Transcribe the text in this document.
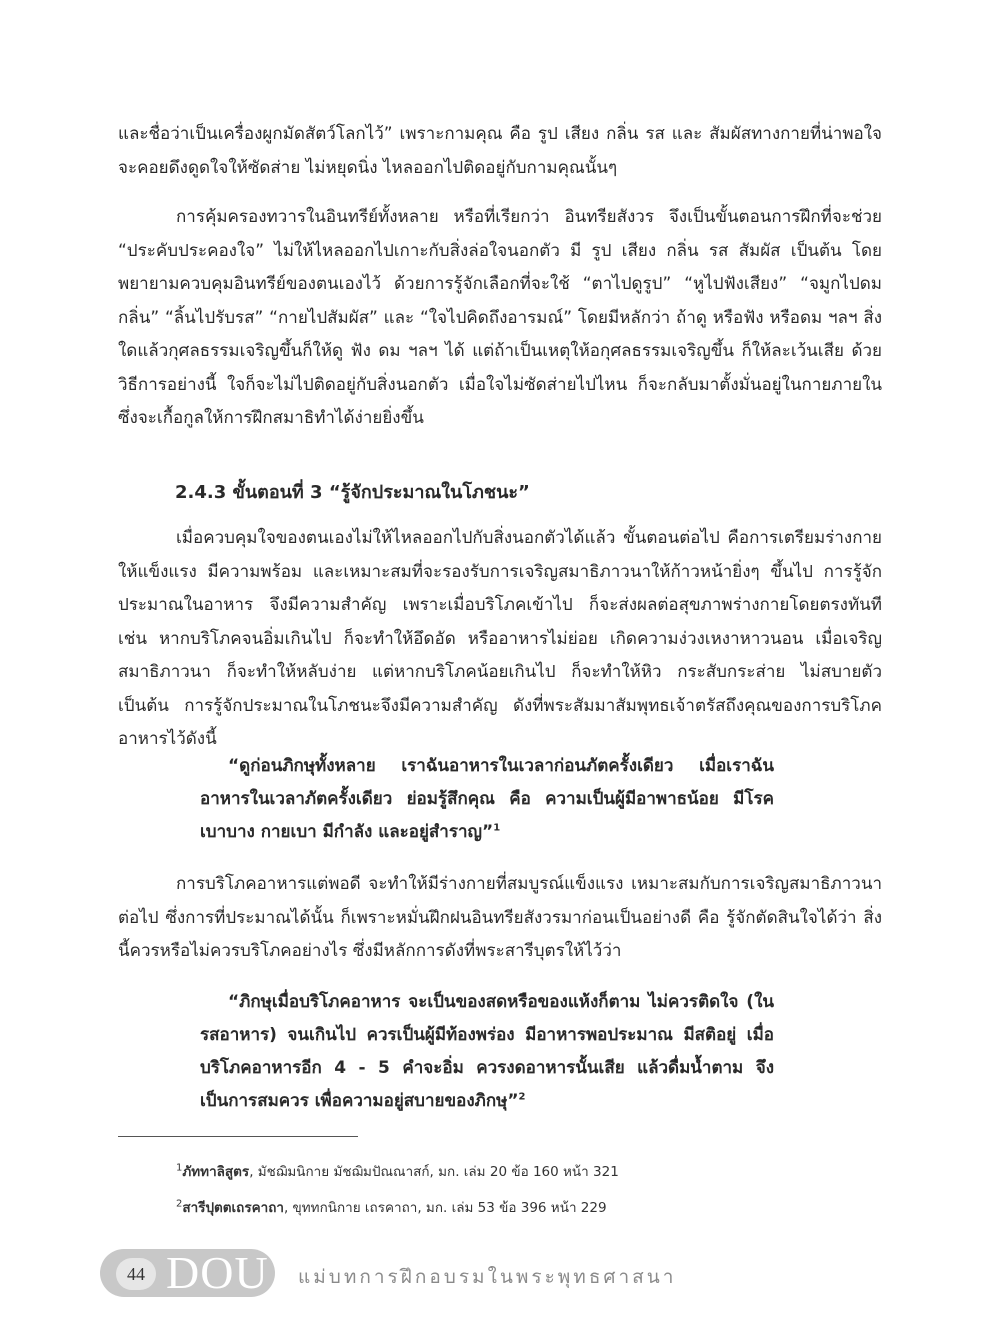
และชื่อว่าเป็นเครื่องผูกมัดสัตว์โลกไว้” เพราะกามคุณ คือ รูป เสียง กลิ่น รส และ สัมผัสทางกายที่น่าพอใจ จะคอยดึงดูดใจให้ซัดส่าย ไม่หยุดนิ่ง ไหลออกไปติดอยู่กับกามคุณนั้นๆ

การคุ้มครองทวารในอินทรีย์ทั้งหลาย หรือที่เรียกว่า อินทรียสังวร จึงเป็นขั้นตอนการฝึกที่จะช่วย “ประคับประคองใจ” ไม่ให้ไหลออกไปเกาะกับสิ่งล่อใจนอกตัว มี รูป เสียง กลิ่น รส สัมผัส เป็นต้น โดยพยายามควบคุมอินทรีย์ของตนเองไว้ ด้วยการรู้จักเลือกที่จะใช้ “ตาไปดูรูป” “หูไปฟังเสียง” “จมูกไปดมกลิ่น” “ลิ้นไปรับรส” “กายไปสัมผัส” และ “ใจไปคิดถึงอารมณ์” โดยมีหลักว่า ถ้าดู หรือฟัง หรือดม ฯลฯ สิ่งใดแล้วกุศลธรรมเจริญขึ้นก็ให้ดู ฟัง ดม ฯลฯ ได้ แต่ถ้าเป็นเหตุให้อกุศลธรรมเจริญขึ้น ก็ให้ละเว้นเสีย ด้วยวิธีการอย่างนี้ ใจก็จะไม่ไปติดอยู่กับสิ่งนอกตัว เมื่อใจไม่ซัดส่ายไปไหน ก็จะกลับมาตั้งมั่นอยู่ในกายภายในซึ่งจะเกื้อกูลให้การฝึกสมาธิทำได้ง่ายยิ่งขึ้น

2.4.3 ขั้นตอนที่ 3 “รู้จักประมาณในโภชนะ”

เมื่อควบคุมใจของตนเองไม่ให้ไหลออกไปกับสิ่งนอกตัวได้แล้ว ขั้นตอนต่อไป คือการเตรียมร่างกายให้แข็งแรง มีความพร้อม และเหมาะสมที่จะรองรับการเจริญสมาธิภาวนาให้ก้าวหน้ายิ่งๆ ขึ้นไป การรู้จักประมาณในอาหาร จึงมีความสำคัญ เพราะเมื่อบริโภคเข้าไป ก็จะส่งผลต่อสุขภาพร่างกายโดยตรงทันที เช่น หากบริโภคจนอิ่มเกินไป ก็จะทำให้อึดอัด หรืออาหารไม่ย่อย เกิดความง่วงเหงาหาวนอน เมื่อเจริญสมาธิภาวนา ก็จะทำให้หลับง่าย แต่หากบริโภคน้อยเกินไป ก็จะทำให้หิว กระสับกระส่าย ไม่สบายตัว เป็นต้น การรู้จักประมาณในโภชนะจึงมีความสำคัญ ดังที่พระสัมมาสัมพุทธเจ้าตรัสถึงคุณของการบริโภคอาหารไว้ดังนี้

“ดูก่อนภิกษุทั้งหลาย เราฉันอาหารในเวลาก่อนภัตครั้งเดียว เมื่อเราฉันอาหารในเวลาภัตครั้งเดียว ย่อมรู้สึกคุณ คือ ความเป็นผู้มีอาพาธน้อย มีโรคเบาบาง กายเบา มีกำลัง และอยู่สำราญ”$^1$

การบริโภคอาหารแต่พอดี จะทำให้มีร่างกายที่สมบูรณ์แข็งแรง เหมาะสมกับการเจริญสมาธิภาวนาต่อไป ซึ่งการที่ประมาณได้นั้น ก็เพราะหมั่นฝึกฝนอินทรียสังวรมาก่อนเป็นอย่างดี คือ รู้จักตัดสินใจได้ว่า สิ่งนี้ควรหรือไม่ควรบริโภคอย่างไร ซึ่งมีหลักการดังที่พระสารีบุตรให้ไว้ว่า

“ภิกษุเมื่อบริโภคอาหาร จะเป็นของสดหรือของแห้งก็ตาม ไม่ควรติดใจ (ในรสอาหาร) จนเกินไป ควรเป็นผู้มีท้องพร่อง มีอาหารพอประมาณ มีสติอยู่ เมื่อบริโภคอาหารอีก 4 - 5 คำจะอิ่ม ควรงดอาหารนั้นเสีย แล้วดื่มน้ำตาม จึงเป็นการสมควร เพื่อความอยู่สบายของภิกษุ”$^2$

$^1$ภัททาลิสูตร, มัชฌิมนิกาย มัชฌิมปัณณาสก์, มก. เล่ม 20 ข้อ 160 หน้า 321

$^2$สารีปุตตเถรคาถา, ขุททกนิกาย เถรคาถา, มก. เล่ม 53 ข้อ 396 หน้า 229

44 DOU แม่บทการฝึกอบรมในพระพุทธศาสนา
